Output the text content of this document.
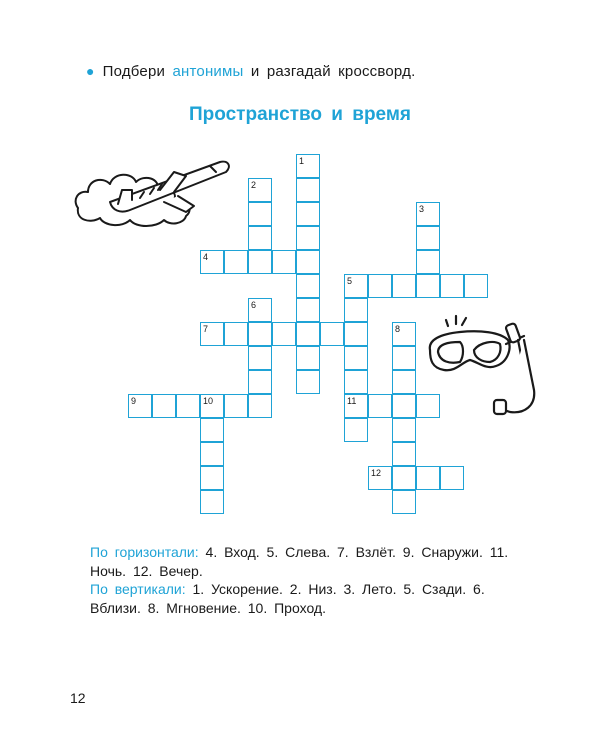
● Подбери антонимы и разгадай кроссворд.
Пространство и время
1
2
3
4
5
6
7	8
9	10	11
12
По горизонтали: 4. Вход. 5. Слева. 7. Взлёт. 9. Снаружи. 11. Ночь. 12. Вечер.
По вертикали: 1. Ускорение. 2. Низ. 3. Лето. 5. Сзади. 6. Вблизи. 8. Мгновение. 10. Проход.
12
